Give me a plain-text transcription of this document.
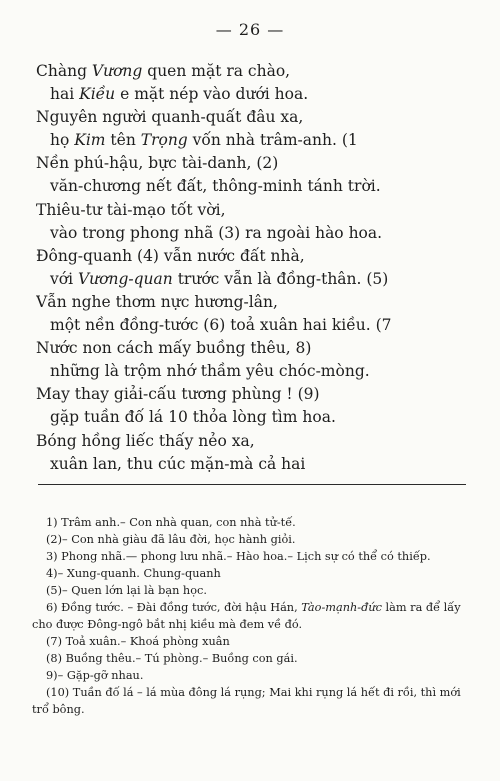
— 26 —
Chàng Vương quen mặt ra chào,
hai Kiều e mặt nép vào dưới hoa.
Nguyên người quanh-quất đâu xa,
họ Kim tên Trọng vốn nhà trâm-anh. (1
Nền phú-hậu, bực tài-danh, (2)
văn-chương nết đất, thông-minh tánh trời.
Thiêu-tư tài-mạo tốt vời,
vào trong phong nhã (3) ra ngoài hào hoa.
Đông-quanh (4) vẫn nước đất nhà,
với Vương-quan trước vẫn là đồng-thân. (5)
Vẫn nghe thơm nực hương-lân,
một nền đồng-tước (6) toả xuân hai kiều. (7
Nước non cách mấy buồng thêu, 8)
những là trộm nhớ thầm yêu chóc-mòng.
May thay giải-cấu tương phùng ! (9)
gặp tuần đố lá 10 thỏa lòng tìm hoa.
Bóng hồng liếc thấy nẻo xa,
xuân lan, thu cúc mặn-mà cả hai

1) Trâm anh.– Con nhà quan, con nhà tử-tế.

(2)– Con nhà giàu đã lâu đời, học hành giỏi.

3) Phong nhã.— phong lưu nhã.– Hào hoa.– Lịch sự có thể có thiếp.

4)– Xung-quanh. Chung-quanh

(5)– Quen lớn lại là bạn học.

6) Đồng tước. – Đài đồng tước, đời hậu Hán, Tào-mạnh-đức làm ra để lấy cho được Đông-ngô bắt nhị kiều mà đem về đó.

(7) Toả xuân.– Khoá phòng xuân

(8) Buồng thêu.– Tú phòng.– Buồng con gái.

9)– Gặp-gỡ nhau.

(10) Tuần đố lá – lá mùa đông lá rụng; Mai khi rụng lá hết đi rồi, thì mới trổ bông.
